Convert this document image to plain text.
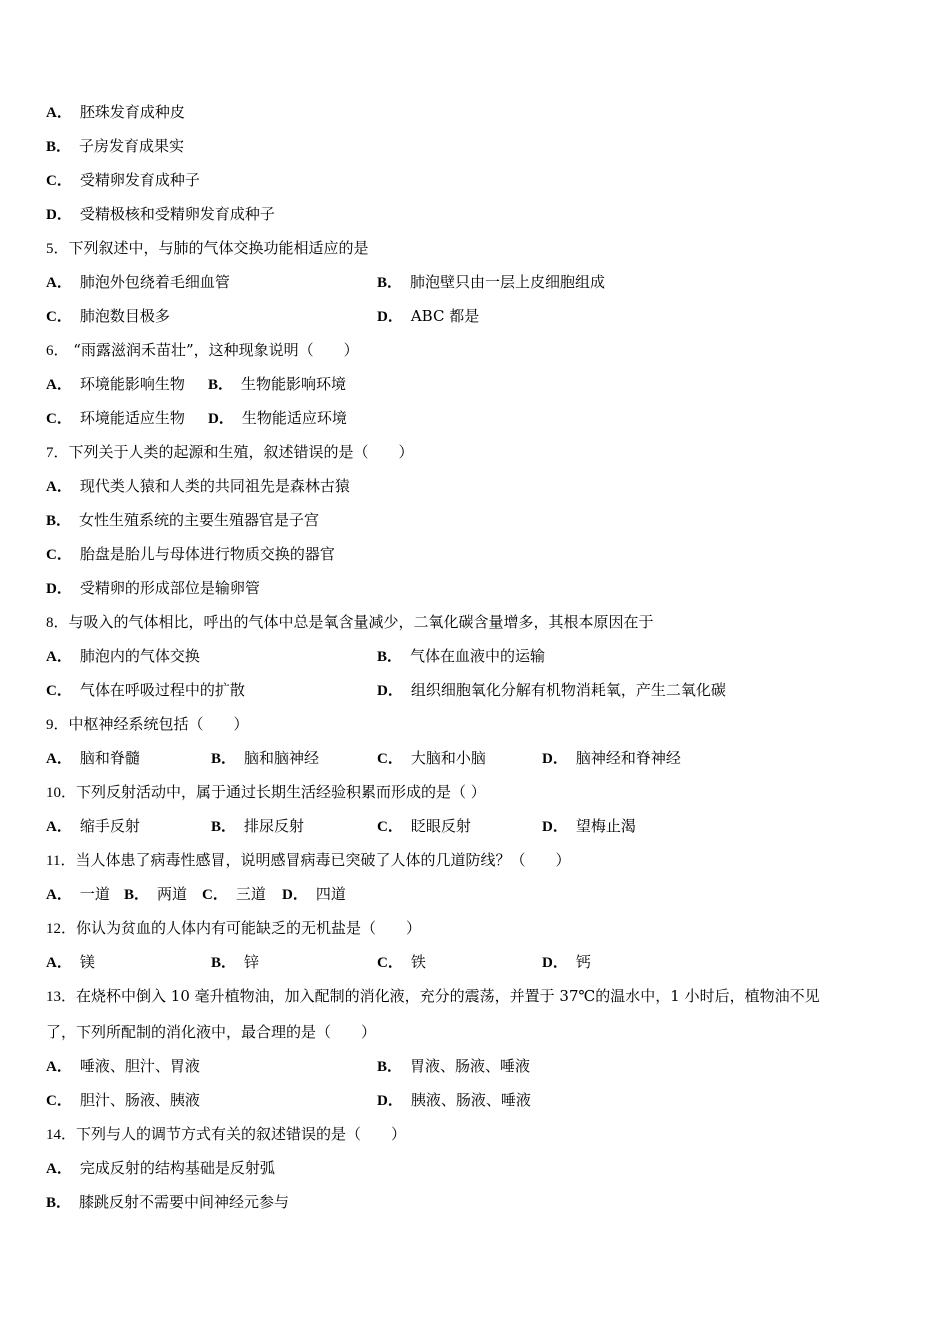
A． 胚珠发育成种皮
B． 子房发育成果实
C． 受精卵发育成种子
D． 受精极核和受精卵发育成种子
5．下列叙述中，与肺的气体交换功能相适应的是
A． 肺泡外包绕着毛细血管	B． 肺泡壁只由一层上皮细胞组成
C． 肺泡数目极多	D． ABC 都是
6． “雨露滋润禾苗壮”，这种现象说明（　　）
A． 环境能影响生物 B． 生物能影响环境
C． 环境能适应生物 D． 生物能适应环境
7．下列关于人类的起源和生殖，叙述错误的是（　　）
A． 现代类人猿和人类的共同祖先是森林古猿
B． 女性生殖系统的主要生殖器官是子宫
C． 胎盘是胎儿与母体进行物质交换的器官
D． 受精卵的形成部位是输卵管
8．与吸入的气体相比，呼出的气体中总是氧含量减少，二氧化碳含量增多，其根本原因在于
A． 肺泡内的气体交换	B． 气体在血液中的运输
C． 气体在呼吸过程中的扩散	D． 组织细胞氧化分解有机物消耗氧，产生二氧化碳
9．中枢神经系统包括（　　）
A． 脑和脊髓	B． 脑和脑神经	C． 大脑和小脑	D． 脑神经和脊神经
10．下列反射活动中，属于通过长期生活经验积累而形成的是（ ）
A． 缩手反射	B． 排尿反射	C． 眨眼反射	D． 望梅止渴
11．当人体患了病毒性感冒，说明感冒病毒已突破了人体的几道防线？（　　）
A． 一道 B． 两道 C． 三道 D． 四道
12．你认为贫血的人体内有可能缺乏的无机盐是（　　）
A． 镁	B． 锌	C． 铁	D． 钙
13．在烧杯中倒入 10 毫升植物油，加入配制的消化液，充分的震荡，并置于 37℃的温水中，1 小时后，植物油不见
了，下列所配制的消化液中，最合理的是（　　）
A． 唾液、胆汁、胃液	B． 胃液、肠液、唾液
C． 胆汁、肠液、胰液	D． 胰液、肠液、唾液
14．下列与人的调节方式有关的叙述错误的是（　　）
A． 完成反射的结构基础是反射弧
B． 膝跳反射不需要中间神经元参与
